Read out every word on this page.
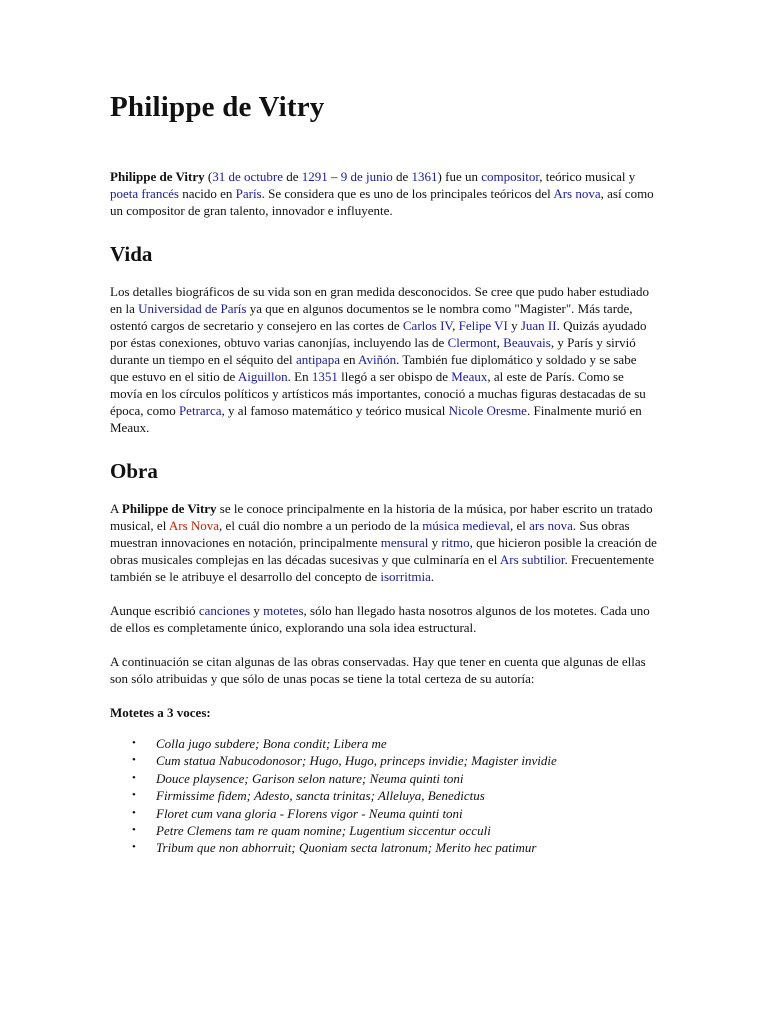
Philippe de Vitry

Philippe de Vitry (31 de octubre de 1291 – 9 de junio de 1361) fue un compositor, teórico musical y poeta francés nacido en París. Se considera que es uno de los principales teóricos del Ars nova, así como un compositor de gran talento, innovador e influyente.

Vida

Los detalles biográficos de su vida son en gran medida desconocidos. Se cree que pudo haber estudiado en la Universidad de París ya que en algunos documentos se le nombra como "Magister". Más tarde, ostentó cargos de secretario y consejero en las cortes de Carlos IV, Felipe VI y Juan II. Quizás ayudado por éstas conexiones, obtuvo varias canonjías, incluyendo las de Clermont, Beauvais, y París y sirvió durante un tiempo en el séquito del antipapa en Aviñón. También fue diplomático y soldado y se sabe que estuvo en el sitio de Aiguillon. En 1351 llegó a ser obispo de Meaux, al este de París. Como se movía en los círculos políticos y artísticos más importantes, conoció a muchas figuras destacadas de su época, como Petrarca, y al famoso matemático y teórico musical Nicole Oresme. Finalmente murió en Meaux.

Obra

A Philippe de Vitry se le conoce principalmente en la historia de la música, por haber escrito un tratado musical, el Ars Nova, el cuál dio nombre a un periodo de la música medieval, el ars nova. Sus obras muestran innovaciones en notación, principalmente mensural y ritmo, que hicieron posible la creación de obras musicales complejas en las décadas sucesivas y que culminaría en el Ars subtilior. Frecuentemente también se le atribuye el desarrollo del concepto de isorritmia.

Aunque escribió canciones y motetes, sólo han llegado hasta nosotros algunos de los motetes. Cada uno de ellos es completamente único, explorando una sola idea estructural.

A continuación se citan algunas de las obras conservadas. Hay que tener en cuenta que algunas de ellas son sólo atribuidas y que sólo de unas pocas se tiene la total certeza de su autoría:

Motetes a 3 voces:
• Colla jugo subdere; Bona condit; Libera me
• Cum statua Nabucodonosor; Hugo, Hugo, princeps invidie; Magister invidie
• Douce playsence; Garison selon nature; Neuma quinti toni
• Firmissime fidem; Adesto, sancta trinitas; Alleluya, Benedictus
• Floret cum vana gloria - Florens vigor - Neuma quinti toni
• Petre Clemens tam re quam nomine; Lugentium siccentur occuli
• Tribum que non abhorruit; Quoniam secta latronum; Merito hec patimur
